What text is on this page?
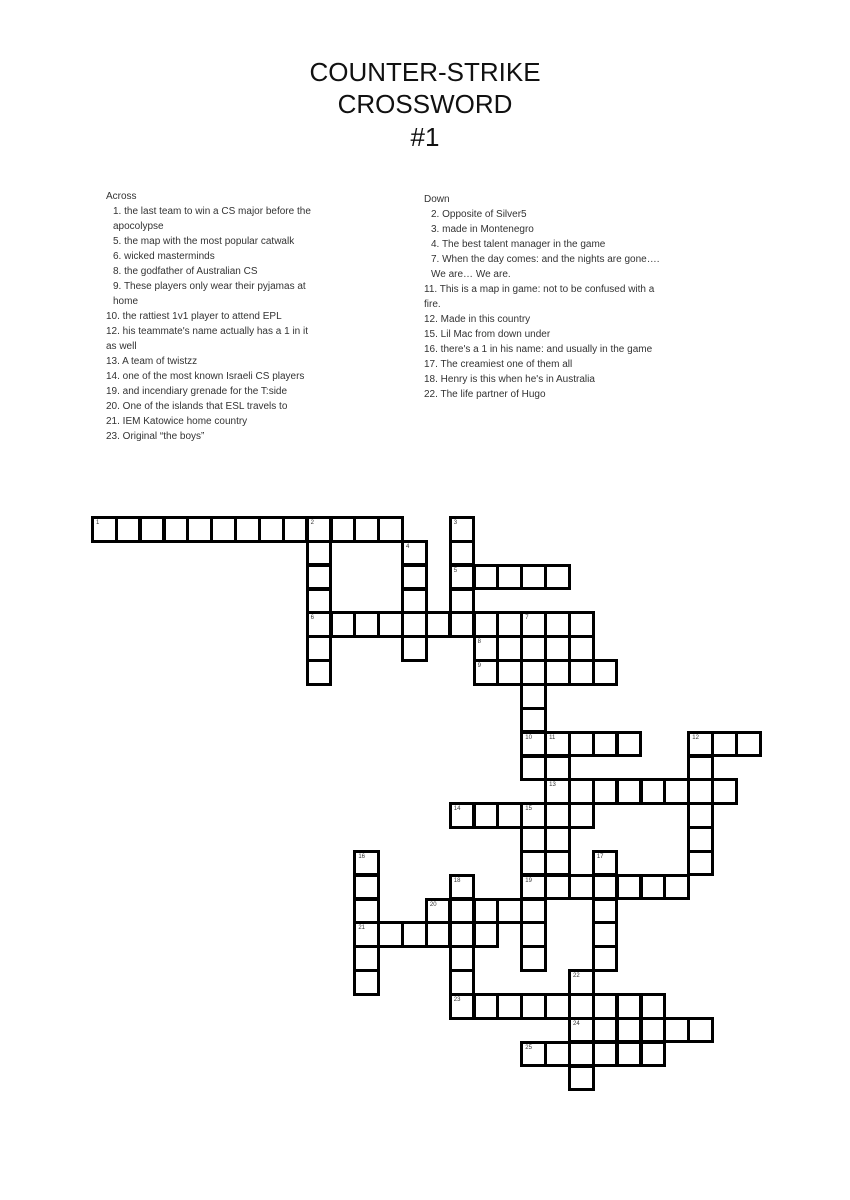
COUNTER-STRIKE
CROSSWORD
#1
Across
1. the last team to win a CS major before the apocolypse
5. the map with the most popular catwalk
6. wicked masterminds
8. the godfather of Australian CS
9. These players only wear their pyjamas at home
10. the rattiest 1v1 player to attend EPL
12. his teammate's name actually has a 1 in it as well
13. A team of twistzz
14. one of the most known Israeli CS players
19. and incendiary grenade for the T:side
20. One of the islands that ESL travels to
21. IEM Katowice home country
23. Original “the boys”
Down
2. Opposite of Silver5
3. made in Montenegro
4. The best talent manager in the game
7. When the day comes: and the nights are gone…. We are… We are.
11. This is a map in game: not to be confused with a fire.
12. Made in this country
15. Lil Mac from down under
16. there's a 1 in his name: and usually in the game
17. The creamiest one of them all
18. Henry is this when he's in Australia
22. The life partner of Hugo
1	2	3
4
5
6	7
8
9
10	11	12
13
14	15
16	17
18	19
20
21
22
23
24
25
